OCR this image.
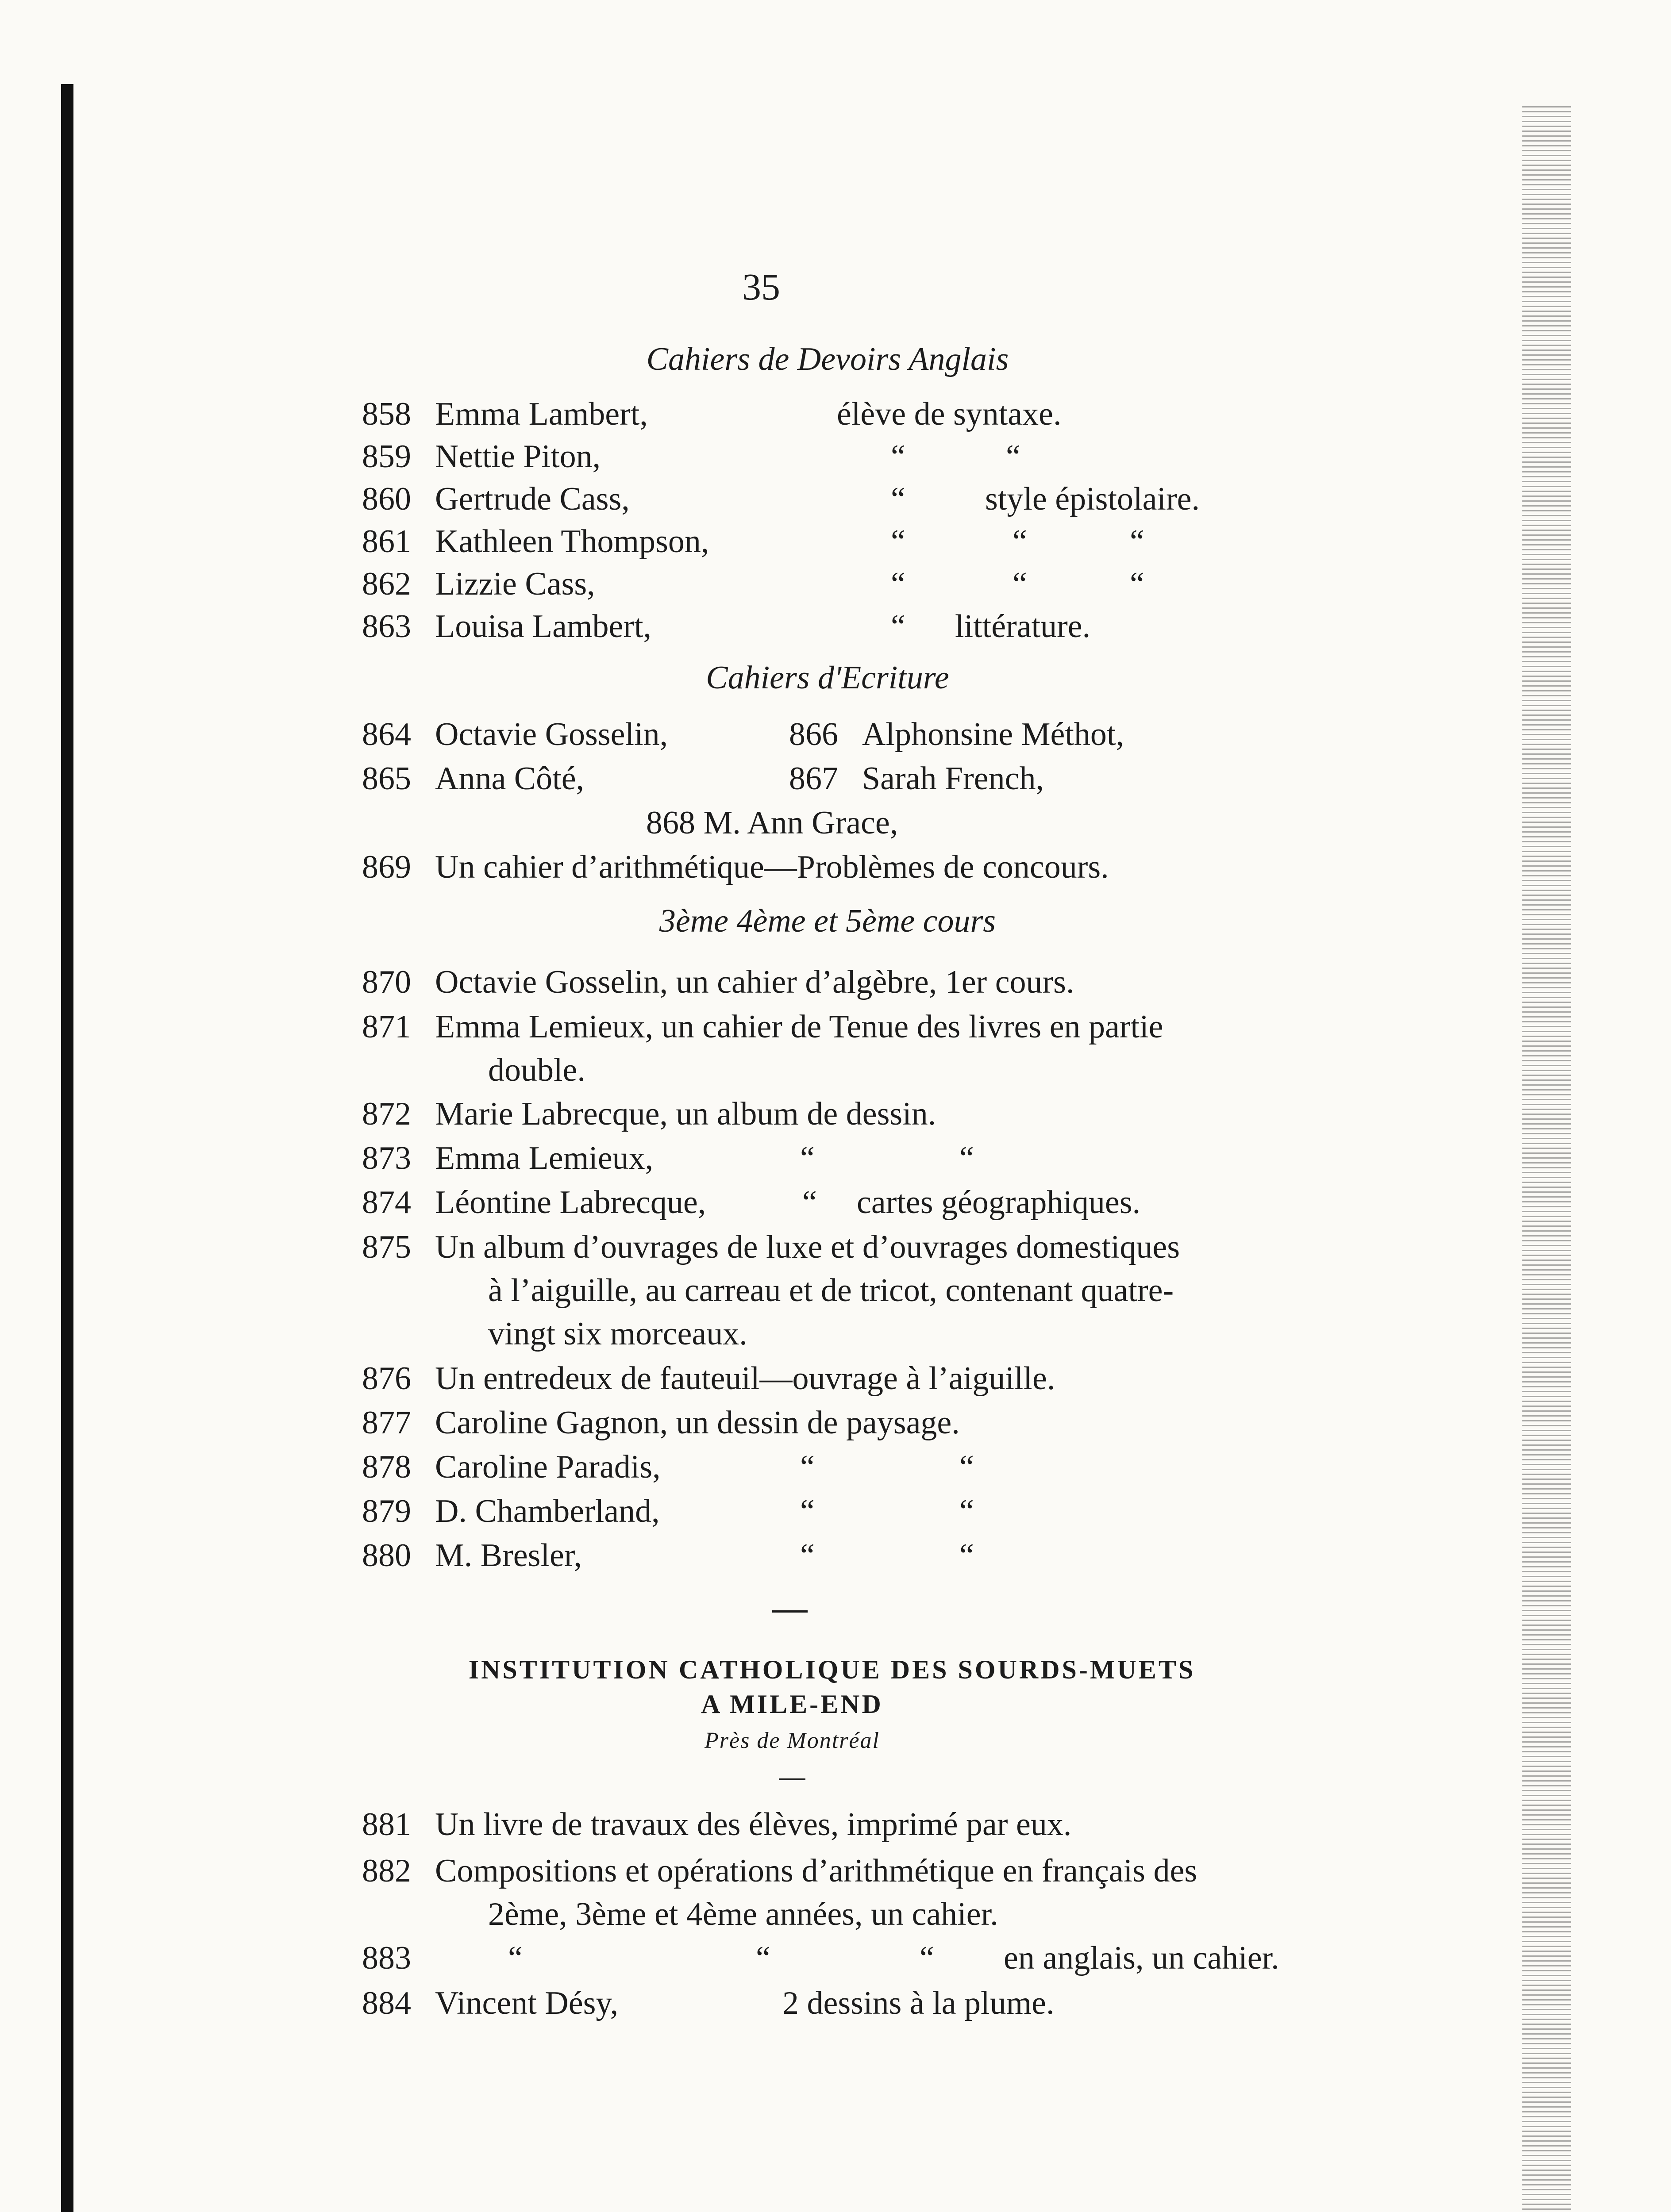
35
Cahiers de Devoirs Anglais
858 Emma Lambert,	élève de syntaxe.
859 Nettie Piton,	“	“
860 Gertrude Cass,	“ style épistolaire.
861 Kathleen Thompson,	“	“	“
862 Lizzie Cass,	“	“	“
863 Louisa Lambert,	“ littérature.
Cahiers d'Ecriture
864 Octavie Gosselin,	866 Alphonsine Méthot,
865 Anna Côté,	867 Sarah French,
868 M. Ann Grace,
869 Un cahier d’arithmétique—Problèmes de concours.
3ème 4ème et 5ème cours
870 Octavie Gosselin, un cahier d’algèbre, 1er cours.
871 Emma Lemieux, un cahier de Tenue des livres en partie
double.
872 Marie Labrecque, un album de dessin.
873 Emma Lemieux,	“	“
874 Léontine Labrecque,	“ cartes géographiques.
875 Un album d’ouvrages de luxe et d’ouvrages domestiques
à l’aiguille, au carreau et de tricot, contenant quatre-
vingt six morceaux.
876 Un entredeux de fauteuil—ouvrage à l’aiguille.
877 Caroline Gagnon, un dessin de paysage.
878 Caroline Paradis,	“	“
879 D. Chamberland,	“	“
880 M. Bresler,	“	“
INSTITUTION CATHOLIQUE DES SOURDS-MUETS
A MILE-END
Près de Montréal
881 Un livre de travaux des élèves, imprimé par eux.
882 Compositions et opérations d’arithmétique en français des
2ème, 3ème et 4ème années, un cahier.
883	“	“	“ en anglais, un cahier.
884 Vincent Désy,	2 dessins à la plume.
